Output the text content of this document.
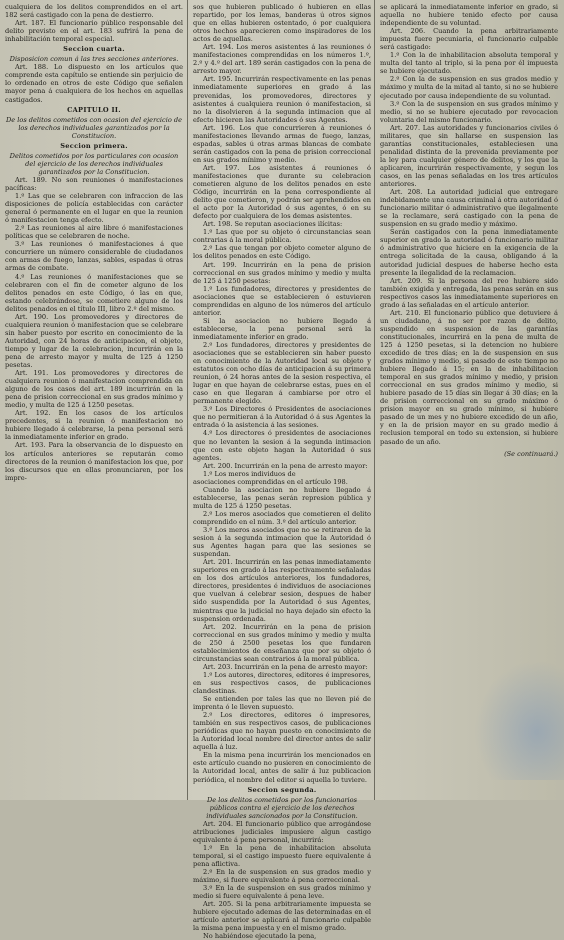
cualquiera de los delitos comprendidos en el art. 182 será castigado con la pena de destierro.

Art. 187. El funcionario público responsable del delito previsto en el art. 183 sufrirá la pena de inhabilitación temporal especial.

Seccion cuarta.

Disposicion comun á las tres secciones anteriores.

Art. 188. Lo dispuesto en los artículos que comprende esta capítulo se entiende sin perjuicio de lo ordenado en otros de este Código que señalen mayor pena á cualquiera de los hechos en aquellas castigados.

CAPITULO II.

De los delitos cometidos con ocasion del ejercicio de los derechos individuales garantizados por la Constitucion.

Seccion primera.

Delitos cometidos por los particulares con ocasion del ejercicio de los derechos individuales garantizados por la Constitucion.

Art. 189. No son reuniones ó manifestaciones pacíficas:

1.º Las que se celebraren con infraccion de las disposiciones de policía establecidas con carácter general ó permanente en el lugar en que la reunion ó manifestacion tenga efecto.

2.º Las reuniones al aire libre ó manifestaciones políticas que se celebraren de noche.

3.º Las reuniones ó manifestaciones á que concurriere un número considerable de ciudadanos con armas de fuego, lanzas, sables, espadas ú otras armas de combate.

4.º Las reuniones ó manifestaciones que se celebraren con el fin de cometer alguno de los delitos penados en este Código, ó las en que, estando celebrándose, se cometiere alguno de los delitos penados en el título III, libro 2.º del mismo.

Art. 190. Los promovedores y directores de cualquiera reunion ó manifestacion que se celebrare sin haber puesto por escrito en conocimiento de la Autoridad, con 24 horas de anticipacion, el objeto, tiempo y lugar de la celebracion, incurrirán en la pena de arresto mayor y multa de 125 á 1250 pesetas.

Art. 191. Los promovedores y directores de cualquiera reunion ó manifestacion comprendida en alguno de los casos del art. 189 incurrirán en la pena de prision correccional en sus grados mínimo y medio, y multa de 125 á 1250 pesetas.

Art. 192. En los casos de los artículos precedentes, si la reunion ó manifestacion no hubiere llegado á celebrarse, la pena personal será la inmediatamente inferior en grado.

Art. 193. Para la observancia de lo dispuesto en los artículos anteriores se reputarán como directores de la reunion ó manifestacion los que, por los discursos que en ellas pronunciaren, por los impre-

sos que hubieren publicado ó hubieren en ellas repartido, por los lemas, banderas ú otros signos que en ellas hubieren ostentado, ó por cualquiera otros hechos aparecieren como inspiradores de los actos de aquellas.

Art. 194. Los meros asistentes á las reuniones ó manifestaciones comprendidas en los números 1.º, 2.º y 4.º del art. 189 serán castigados con la pena de arresto mayor.

Art. 195. Incurrirán respectivamente en las penas inmediatamente superiores en grado á las prevenidas, los promovedores, directores y asistentes á cualquiera reunion ó manifestacion, si no la disolvieren á la segunda intimacion que al efecto hicieren las Autoridades ó sus Agentes.

Art. 196. Los que concurrieren á reuniones ó manifestaciones llevando armas de fuego, lanzas, espadas, sables ú otras armas blancas de combate serán castigados con la pena de prision correccional en sus grados mínimo y medio.

Art. 197. Los asistentes á reuniones ó manifestaciones que durante su celebracion cometieren alguno de los delitos penados en este Código, incurrirán en la pena correspondiente al delito que cometieron, y podrán ser aprehendidos en el acto por la Autoridad ó sus agentes, ó en su defecto por cualquiera de los demas asistentes.

Art. 198. Se reputan asociaciones ilícitas:

1.º Las que por su objeto ó circunstancias sean contrarias á la moral pública.

2.º Las que tengan por objeto cometer alguno de los delitos penados en este Código.

Art. 199. Incurrirán en la pena de prision correccional en sus grados mínimo y medio y multa de 125 á 1250 pesetas:

1.º Los fundadores, directores y presidentes de asociaciones que se establecieren ó estuvieren comprendidas en alguno de los números del artículo anterior.

Si la asociacion no hubiere llegado á establecerse, la pena personal será la inmediatamente inferior en grado.

2.º Los fundadores, directores y presidentes de asociaciones que se establecieren sin haber puesto en conocimiento de la Autoridad local su objeto y estatutos con ocho días de anticipacion á su primera reunion, ó 24 horas antes de la sesion respectiva, el lugar en que hayan de celebrarse estas, pues en el caso en que llegaran á cambiarse por otro el permanente elegido.

3.º Los Directores ó Presidentes de asociaciones que no permitieran á la Autoridad ó á sus Agentes la entrada ó la asistencia á las sesiones.

4.º Los directores ó presidentes de asociaciones que no levanten la sesion á la segunda intimacion que con este objeto hagan la Autoridad ó sus agentes.

Art. 200. Incurrirán en la pena de arresto mayor:

1.º Los meros individuos de

asociaciones comprendidas en el artículo 198.

Cuando la asociacion no hubiere llegado á establecerse, las penas serán represion pública y multa de 125 á 1250 pesetas.

2.º Los meros asociados que cometieren el delito comprendido en el núm. 3.º del artículo anterior.

3.º Los meros asociados que no se retiraren de la sesion á la segunda intimacion que la Autoridad ó sus Agentes hagan para que las sesiones se suspendan.

Art. 201. Incurrirán en las penas inmediatamente superiores en grado á las respectivamente señaladas en los dos artículos anteriores, los fundadores, directores, presidentes é individuos de asociaciones que vuelvan á celebrar sesion, despues de haber sido suspendida por la Autoridad ó sus Agentes, mientras que la judicial no haya dejado sin efecto la suspension ordenada.

Art. 202. Incurrirán en la pena de prision correccional en sus grados mínimo y medio y multa de 250 á 2500 pesetas los que fundaren establecimientos de enseñanza que por su objeto ó circunstancias sean contrarios á la moral pública.

Art. 203. Incurrirán en la pena de arresto mayor:

1.º Los autores, directores, editores é impresores, en sus respectivos casos, de publicaciones clandestinas.

Se entienden por tales las que no lleven pié de imprenta ó le lleven supuesto.

2.º Los directores, editores ó impresores, también en sus respectivos casos, de publicaciones periódicas que no hayan puesto en conocimiento de la Autoridad local nombre del director antes de salir aquella á luz.

En la misma pena incurrirán los mencionados en este artículo cuando no pusieren en conocimiento de la Autoridad local, antes de salir á luz publicacion periódica, el nombre del editor si aquella lo tuviere.

Seccion segunda.

De los delitos cometidos por los funcionarios públicos contra el ejercicio de los derechos individuales sancionados por la Constitucion.

Art. 204. El funcionario público que arrogándose atribuciones judiciales impusiere algun castigo equivalente á pena personal, incurrirá:

1.º En la pena de inhabilitacion absoluta temporal, si el castigo impuesto fuere equivalente á pena aflictiva.

2.º En la de suspension en sus grados medio y máximo, si fuere equivalente á pena correccional.

3.º En la de suspension en sus grados mínimo y medio si fuere equivalente á pena leve.

Art. 205. Si la pena arbitrariamente impuesta se hubiere ejecutado ademas de las determinadas en el artículo anterior se aplicará al funcionario culpable la misma pena impuesta y en el mismo grado.

No habiéndose ejecutado la pena,

se aplicará la inmediatamente inferior en grado, si aquella no hubiere tenido efecto por causa independiente de su voluntad.

Art. 206. Cuando la pena arbitrariamente impuesta fuere pecuniaria, el funcionario culpable será castigado:

1.º Con la de inhabilitacion absoluta temporal y multa del tanto al triplo, si la pena por él impuesta se hubiere ejecutado.

2.º Con la de suspension en sus grados medio y máximo y multa de la mitad al tanto, si no se hubiere ejecutado por causa independiente de su voluntad.

3.º Con la de suspension en sus grados mínimo y medio, si no se hubiere ejecutado por revocacion voluntaria del mismo funcionario.

Art. 207. Las autoridades y funcionarios civiles ó militares, que sin hallarse en suspension las garantías constitucionales, estableciesen una penalidad distinta de la prevenida previamente por la ley para cualquier género de delitos, y los que la aplicaren, incurrirán respectivamente, y segun los casos, en las penas señaladas en los tres artículos anteriores.

Art. 208. La autoridad judicial que entregare indebidamente una causa criminal á otra autoridad ó funcionario militar ó administrativo que ilegalmente se la reclamare, será castigado con la pena de suspension en su grado medio y máximo.

Serán castigados con la pena inmediatamente superior en grado la autoridad ó funcionario militar ó administrativo que hiciere en la exigencia de la entrega solicitada de la causa, obligando á la autoridad judicial despues de haberse hecho esta presente la ilegalidad de la reclamacion.

Art. 209. Si la persona del reo hubiere sido también exigida y entregada, las penas serán en sus respectivos casos las inmediatamente superiores en grado á las señaladas en el artículo anterior.

Art. 210. El funcionario público que detuviere á un ciudadano, á no ser por razon de delito, suspendido en suspension de las garantías constitucionales, incurrirá en la pena de multa de 125 á 1250 pesetas, si la detencion no hubiere excedido de tres días; en la de suspension en sus grados mínimo y medio, si pasado de este tiempo no hubiere llegado á 15; en la de inhabilitacion temporal en sus grados mínimo y medio, y prision correccional en sus grados mínimo y medio, si hubiere pasado de 15 días sin llegar á 30 días; en la de prision correccional en su grado máximo ó prision mayor en su grado mínimo, si hubiere pasado de un mes y no hubiere excedido de un año, y en la de prision mayor en su grado medio á reclusion temporal en todo su extension, si hubiere pasado de un año.

(Se continuará.)
